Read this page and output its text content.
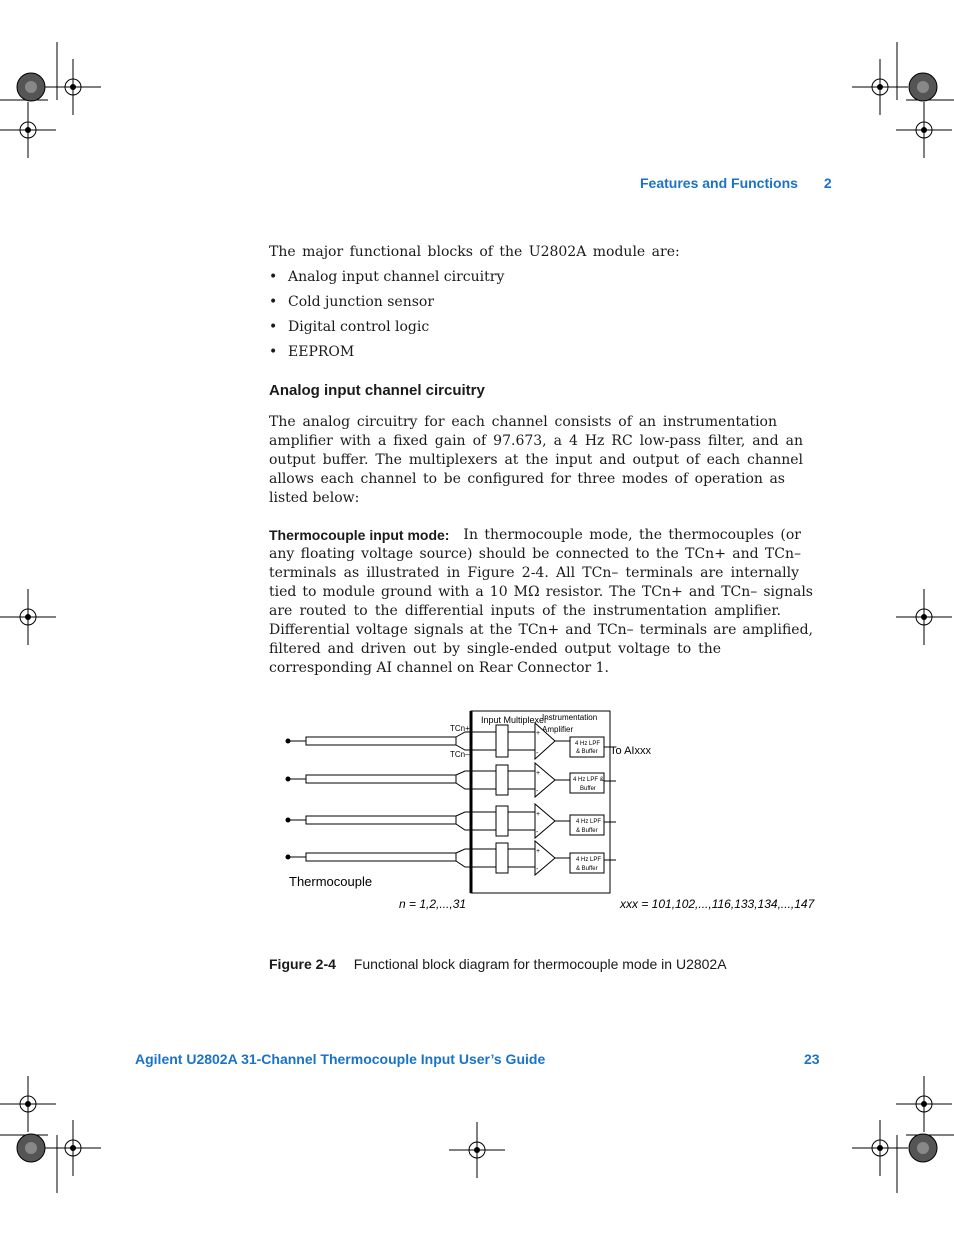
Features and Functions 2
The major functional blocks of the U2802A module are:
• Analog input channel circuitry
• Cold junction sensor
• Digital control logic
• EEPROM
Analog input channel circuitry
The analog circuitry for each channel consists of an instrumentation
amplifier with a fixed gain of 97.673, a 4 Hz RC low-pass filter, and an
output buffer. The multiplexers at the input and output of each channel
allows each channel to be configured for three modes of operation as
listed below:
Thermocouple input mode: In thermocouple mode, the thermocouples (or
any floating voltage source) should be connected to the TCn+ and TCn–
terminals as illustrated in Figure 2-4. All TCn– terminals are internally
tied to module ground with a 10 MΩ resistor. The TCn+ and TCn– signals
are routed to the differential inputs of the instrumentation amplifier.
Differential voltage signals at the TCn+ and TCn– terminals are amplified,
filtered and driven out by single-ended output voltage to the
corresponding AI channel on Rear Connector 1.
TCn+
TCn–
Input Multiplexer
Instrumentation
Amplifier
+
-
4 Hz LPF
& Buffer To AIxxx
+
-
4 Hz LPF &
Buffer
+
-
4 Hz LPF
& Buffer
+
-
4 Hz LPF
& Buffer
Thermocouple
n = 1,2,...,31	xxx = 101,102,...,116,133,134,...,147
Figure 2-4 Functional block diagram for thermocouple mode in U2802A
Agilent U2802A 31-Channel Thermocouple Input User’s Guide	23
